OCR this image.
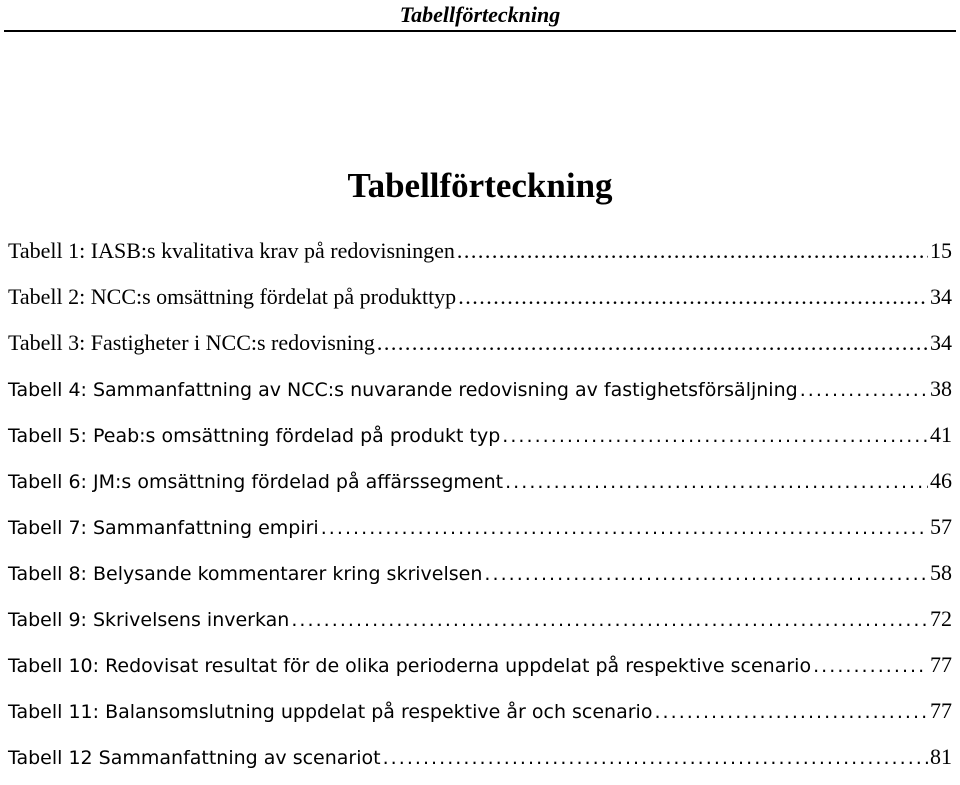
Tabellförteckning
Tabellförteckning
Tabell 1: IASB:s kvalitativa krav på redovisningen . . .	15
Tabell 2: NCC:s omsättning fördelat på produkttyp . . .	34
Tabell 3: Fastigheter i NCC:s redovisning . . .	34
Tabell 4: Sammanfattning av NCC:s nuvarande redovisning av fastighetsförsäljning . . .	38
Tabell 5: Peab:s omsättning fördelad på produkt typ . . .	41
Tabell 6: JM:s omsättning fördelad på affärssegment . . .	46
Tabell 7: Sammanfattning empiri . . .	57
Tabell 8: Belysande kommentarer kring skrivelsen . . .	58
Tabell 9: Skrivelsens inverkan . . .	72
Tabell 10: Redovisat resultat för de olika perioderna uppdelat på respektive scenario . . .	77
Tabell 11: Balansomslutning uppdelat på respektive år och scenario . . .	77
Tabell 12 Sammanfattning av scenariot . . .	81
